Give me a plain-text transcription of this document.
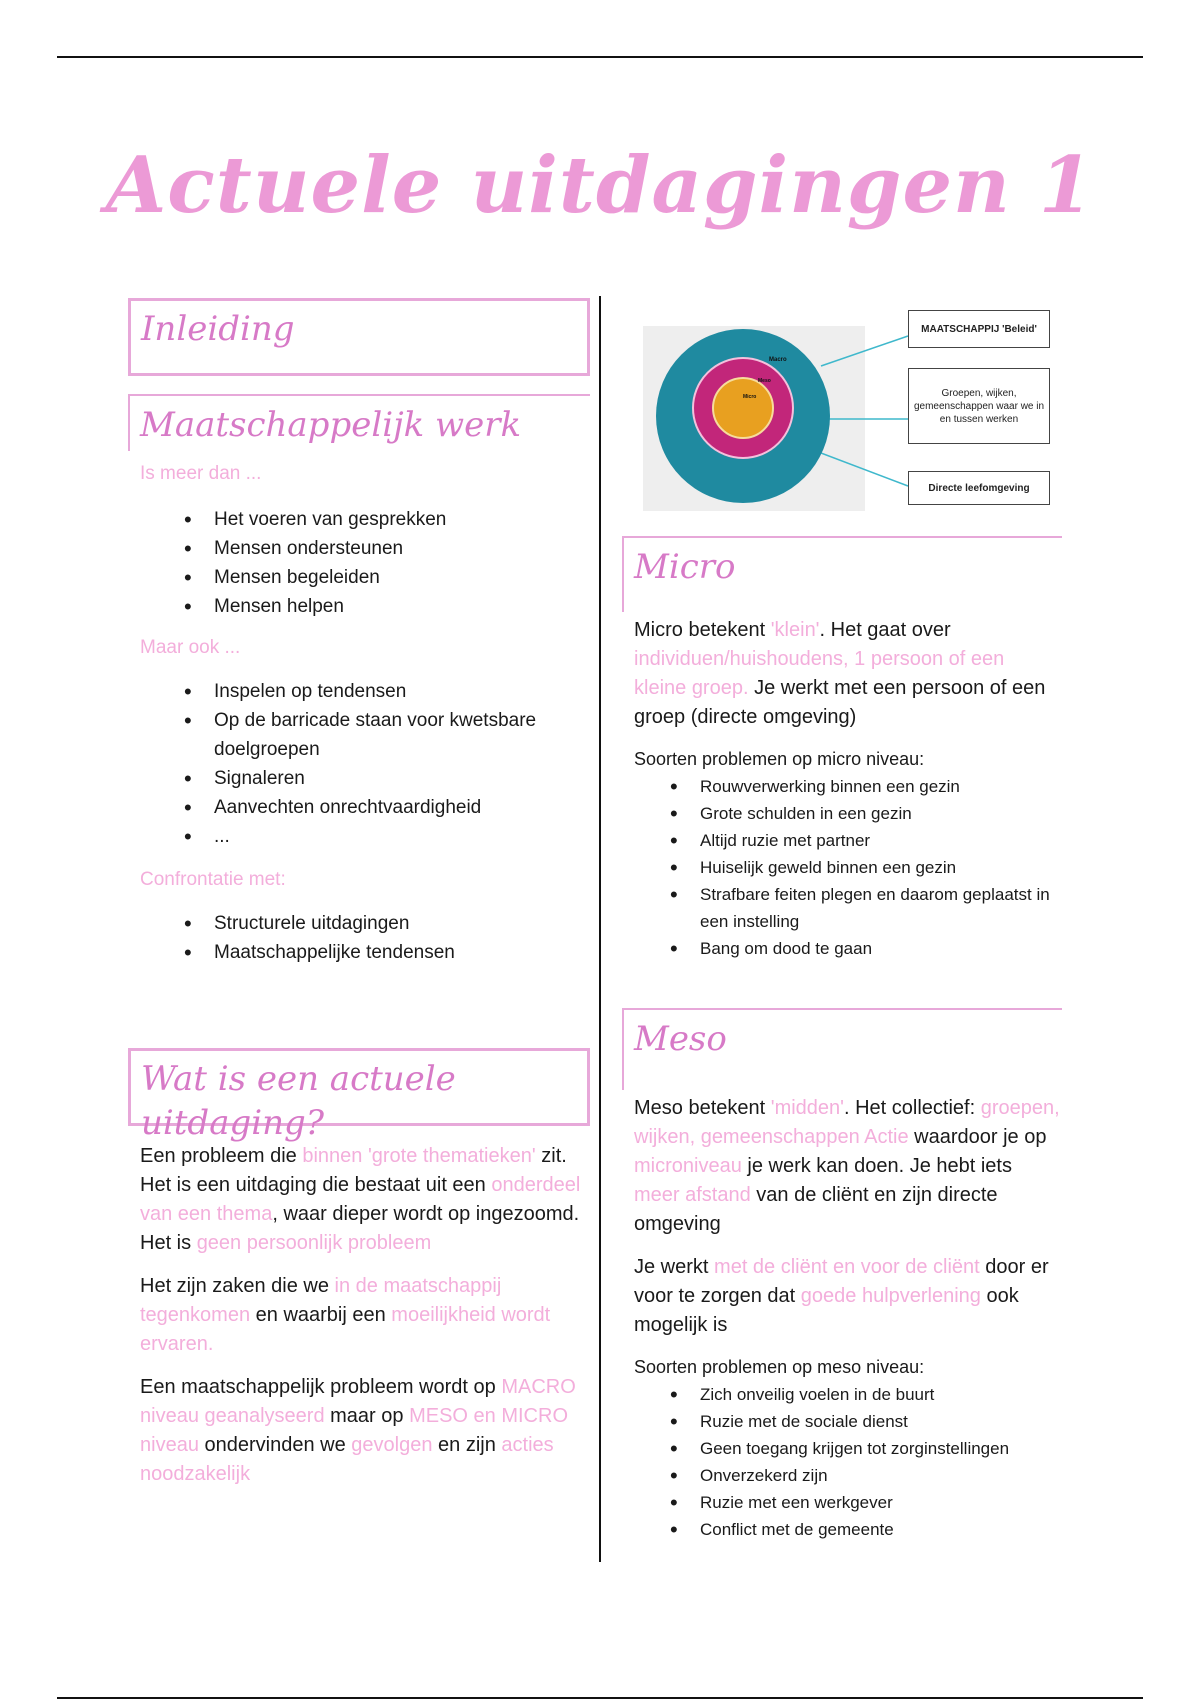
Actuele uitdagingen 1
Inleiding
Maatschappelijk werk
Is meer dan ...
• Het voeren van gesprekken
• Mensen ondersteunen
• Mensen begeleiden
• Mensen helpen
Maar ook ...
• Inspelen op tendensen
• Op de barricade staan voor kwetsbare doelgroepen
• Signaleren
• Aanvechten onrechtvaardigheid
• ...
Confrontatie met:
• Structurele uitdagingen
• Maatschappelijke tendensen
Wat is een actuele uitdaging?

Een probleem die binnen 'grote thematieken' zit. Het is een uitdaging die bestaat uit een onderdeel van een thema, waar dieper wordt op ingezoomd. Het is geen persoonlijk probleem

Het zijn zaken die we in de maatschappij tegenkomen en waarbij een moeilijkheid wordt ervaren.

Een maatschappelijk probleem wordt op MACRO niveau geanalyseerd maar op MESO en MICRO niveau ondervinden we gevolgen en zijn acties noodzakelijk

Macro
Meso
Micro
MAATSCHAPPIJ 'Beleid'
Groepen, wijken, gemeenschappen waar we in en tussen werken
Directe leefomgeving
Micro

Micro betekent 'klein'. Het gaat over individuen/huishoudens, 1 persoon of een kleine groep. Je werkt met een persoon of een groep (directe omgeving)

Soorten problemen op micro niveau:
• Rouwverwerking binnen een gezin
• Grote schulden in een gezin
• Altijd ruzie met partner
• Huiselijk geweld binnen een gezin
• Strafbare feiten plegen en daarom geplaatst in een instelling
• Bang om dood te gaan
Meso

Meso betekent 'midden'. Het collectief: groepen, wijken, gemeenschappen Actie waardoor je op microniveau je werk kan doen. Je hebt iets meer afstand van de cliënt en zijn directe omgeving

Je werkt met de cliënt en voor de cliënt door er voor te zorgen dat goede hulpverlening ook mogelijk is

Soorten problemen op meso niveau:
• Zich onveilig voelen in de buurt
• Ruzie met de sociale dienst
• Geen toegang krijgen tot zorginstellingen
• Onverzekerd zijn
• Ruzie met een werkgever
• Conflict met de gemeente
